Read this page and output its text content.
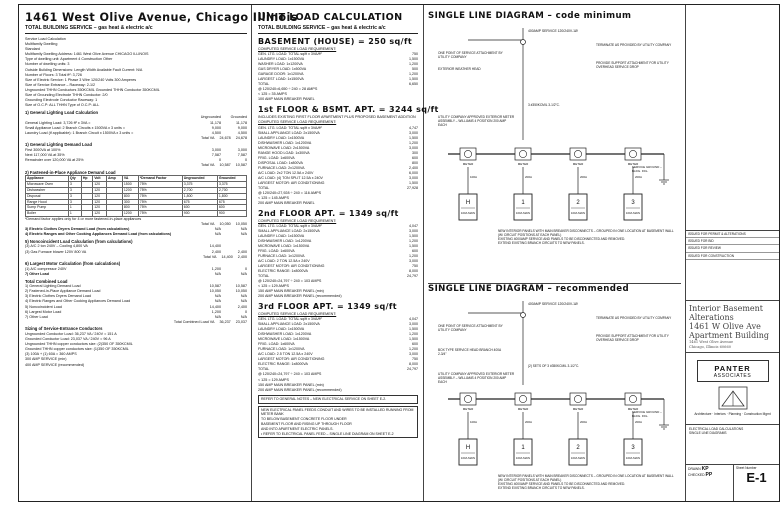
1461 West Olive Avenue, Chicago Illinois
TOTAL BUILDING SERVICE – gas heat & electric a/c
Service Load Calculation
Multifamily Dwelling
Standard
Multifamily Dwelling Address: 1461 West Olive Avenue CHICAGO ILLINOIS
Type of dwelling unit: Apartment 4 Construction Other
Number of dwelling units: 3
Outside Building Dimensions: Length Width Available Fault Current: N/A
Number of Floors: 3 Total ft²: 3,726
Size of Electric Service: 1 Phase 3 Wire 120/240 Volts 300 Amperes
Size of Service Entrance – Raceway: 2-1/2
Ungrounded THHN Conductors 350KCMIL Grounded THHN Conductor 350KCMIL
Size of Grounding Electrode THHN Conductor: 2/0
Grounding Electrode Conductor Raceway: 1
Size of O.C.P: ALL THHN Type of O.C.P: ALL
1) General Lighting Load Calculation
Ungrounded	Grounded
General Lighting Load: 3,726 ft² x 3VA =	11,178	11,178
Small Appliance Load: 2 Branch Circuits x 1500VA x 3 units =	9,000	9,000
Laundry Load (if applicable): 1 Branch Circuit x 1500VA x 3 units =	4,500	4,500
Total VA 24,678 24,678
1) General Lighting Demand Load
First 3000VA at 100%	3,000	3,000
Next 117,000 VA at 35%	7,587	7,587
Remainder over 120,000 VA at 25%	0	0
Total VA 10,587 10,587
2) Fastened-in-Place Appliance Demand Load
Appliance	Qty	Hp	Volt	Amp	VA	*Demand Factor	Ungrounded	Grounded
Microwave Oven	3		120		1500	75%	3,375	3,375
Dishwasher	3		120		1200	75%	2,700	2,700
Disposal	3		120		800	75%	1,800	1,800
Range Hood	3		120		300	75%	675	675
Sump Pump	1		120		800	75%	600	600
Boiler	1		120		1200	75%	900	900
*Demand factor applies only for 4 or more fastened-in-place appliances
Total VA 10,050 10,050
3) Electric Clothes Dryers Demand Load (from calculations)	N/A	N/A
4) Electric Ranges and Other Cooking Appliances Demand Load (from calculations)	N/A	N/A
5) Noncoincident Load Calculation (from calculations)
(3) A/C 2 ton 240V – Cooling 4,800 VA	14,400
(3) Gas Furnace blower 120V 800 VA	2,400	2,400
Total VA 14,400 2,400
6) Largest Motor Calculation (from calculations)
(1) A/C compressor 240V	1,200	0
7) Other Load	N/A	N/A
Total Combined Load
1) General Lighting Demand Load	10,587	10,587
2) Fastened-in-Place Appliance Demand Load	10,050	10,050
3) Electric Clothes Dryers Demand Load	N/A	N/A
4) Electric Ranges and Other Cooking Appliances Demand Load	N/A	N/A
5) Noncoincident Load	14,400	2,400
6) Largest Motor Load	1,200	0
7) Other Load	N/A	N/A
Total Combined Load VA 36,237 23,037
Sizing of Service-Entrance Conductors
Ungrounded Conductor Load: 36,237 VA / 240V = 151 A
Grounded Conductor Load: 23,037 VA / 240V = 96 A
Ungrounded THHN copper conductors size: (2)350 OF 350KCMIL
Grounded THHN copper conductors size: (1)350 OF 350KCMIL
(3) 100A + (1) 60A = 360 AMPS
300 AMP SERVICE (min)
400 AMP SERVICE (recommended)
UNIT LOAD CALCULATION
TOTAL BUILDING SERVICE – gas heat & electric a/c
BASEMENT (HOUSE) = 250 sq/ft
COMPUTED SERVICE LOAD REQUIREMENT:
GEN. LTG. LOAD: TOTAL sq/ft x 3VA/ft²	750
LAUNDRY LOAD: 1x1500VA	1,500
WASHER LOAD: 1x1200VA	1,200
GAS DRYER LOAD: 1x500VA	500
GARAGE DOOR: 1x1200VA	1,200
LARGEST LOAD: 1x1500VA	1,500
TOTAL	6,650
@ 120/240=6,650 ÷ 240 = 28 AMPS
< 125 = 35 AMPS
100 AMP MAIN BREAKER PANEL
1st FLOOR & BSMT. APT. = 3244 sq/ft
INCLUDES EXISTING FIRST FLOOR APARTMENT PLUS PROPOSED BASEMENT ADDITION
COMPUTED SERVICE LOAD REQUIREMENT:
GEN. LTG. LOAD: TOTAL sq/ft x 3VA/ft²	4,747
SMALL APPLIANCE LOAD: 2x1500VA	3,000
LAUNDRY LOAD: 1x1500VA	1,500
DISHWASHER LOAD: 1x1200VA	1,200
MICROWAVE LOAD: 2x1500VA	3,000
RANGE HOOD LOAD: 1x300VA	300
FRIG. LOAD: 1x600VA	600
DISPOSAL LOAD: 1x800VA	800
FURNACE LOAD: 2x1200VA	2,400
A/C LOAD: 2x2 TON 12.5A x 240V	6,000
A/C LOAD: (4) TON SPLIT 12.5A x 240V	3,000
LARGEST MOTOR: AIR CONDITIONING	1,500
TOTAL	27,928
@ 120/240=27,928 ÷ 240 = 116 AMPS
< 125 = 145 AMPS
200 AMP MAIN BREAKER PANEL
2nd FLOOR APT. = 1349 sq/ft
COMPUTED SERVICE LOAD REQUIREMENT:
GEN. LTG. LOAD: TOTAL sq/ft x 3VA/ft²	4,047
SMALL APPLIANCE LOAD: 2x1500VA	3,000
LAUNDRY LOAD: 1x1500VA	1,500
DISHWASHER LOAD: 1x1200VA	1,200
MICROWAVE LOAD: 1x1500VA	1,500
FRIG. LOAD: 1x600VA	600
FURNACE LOAD: 1x1200VA	1,200
A/C LOAD: 2 TON 12.5A x 240V	3,000
LARGEST MOTOR: AIR CONDITIONING	750
ELECTRIC RANGE: 1x8000VA	8,000
TOTAL	24,797
@ 120/240=24,797 ÷ 240 = 103 AMPS
< 125 = 129 AMPS
150 AMP MAIN BREAKER PANEL (min)
200 AMP MAIN BREAKER PANEL (recommended)
3rd FLOOR APT. = 1349 sq/ft
COMPUTED SERVICE LOAD REQUIREMENT:
GEN. LTG. LOAD: TOTAL sq/ft x 3VA/ft²	4,047
SMALL APPLIANCE LOAD: 2x1500VA	3,000
LAUNDRY LOAD: 1x1500VA	1,500
DISHWASHER LOAD: 1x1200VA	1,200
MICROWAVE LOAD: 1x1500VA	1,500
FRIG. LOAD: 1x600VA	600
FURNACE LOAD: 1x1200VA	1,200
A/C LOAD: 2.5 TON 12.5A x 240V	3,000
LARGEST MOTOR: AIR CONDITIONING	750
ELECTRIC RANGE: 1x8000VA	8,000
TOTAL	24,797
@ 120/240=24,797 ÷ 240 = 103 AMPS
< 125 = 129 AMPS
150 AMP MAIN BREAKER PANEL (min)
200 AMP MAIN BREAKER PANEL (recommended)
REFER TO GENERAL NOTES – NEW ELECTRICAL SERVICE ON SHEET E-2.
NEW ELECTRICAL PANEL FEEDS CONDUIT AND WIRES TO BE INSTALLED RUNNING FROM METER BANK
TO BELOW BASEMENT CONCRETE FLOOR UNDER
BASEMENT FLOOR AND RISING UP THROUGH FLOOR
AND INTO APARTMENT ELECTRIC PANELS.
• REFER TO ELECTRICAL PANEL FEED – SINGLE LINE DIAGRAM ON SHEET E-2
SINGLE LINE DIAGRAM – code minimum
400AMP SERVICE 120/240V-1Ø
ONE POINT OF SERVICE ATTACHMENT BY
UTILITY COMPANY
EXTERIOR WEATHER HEAD
TERMINATE AS PROVIDED BY UTILITY COMPANY
PROVIDE SUPPORT ATTACHMENT FOR UTILITY
OVERHEAD SERVICE DROP
3 #350KCMIL 3-1/2"C.
UTILITY COMPANY APPROVED EXTERIOR METER
ASSEMBLY – WILLIAMS 4 POSITION 200 AMP
EACH
METER
100A
H
100A MAIN
METER
200A
1
100A MAIN
METER
200A
2
100A MAIN
METER
200A
3
100A MAIN
SERVICE GROUND –
BLDG. FDL.
NEW INTERIOR PANELS WITH MAIN BREAKER DISCONNECTS – GROUPED IN ONE LOCATION AT BASEMENT WALL
(W/ CIRCUIT POSITIONS AT EACH PANEL)
EXISTING 4000AMP SERVICE AND PANELS TO BE DISCONNECTED AND REMOVED.
EXTEND EXISTING BRANCH CIRCUITS TO NEW PANELS.
SINGLE LINE DIAGRAM – recommended
400AMP SERVICE 120/240V-1Ø
ONE POINT OF SERVICE ATTACHMENT BY
UTILITY COMPANY
BOX TYPE SERVICE HEAD BRANCH 400A
2-3/4"
TERMINATE AS PROVIDED BY UTILITY COMPANY
PROVIDE SUPPORT ATTACHMENT FOR UTILITY
OVERHEAD SERVICE DROP
(2) SETS OF 3 #350KCMIL 3-1/2"C.
UTILITY COMPANY APPROVED EXTERIOR METER
ASSEMBLY – WILLIAMS 4 POSITION 200 AMP
EACH
METER
100A
H
100A MAIN
METER
200A
1
100A MAIN
METER
200A
2
100A MAIN
METER
200A
3
100A MAIN
SERVICE GROUND –
BLDG. FDL.
NEW INTERIOR PANELS WITH MAIN BREAKER DISCONNECTS – GROUPED IN ONE LOCATION AT BASEMENT WALL
(W/ CIRCUIT POSITIONS AT EACH PANEL)
EXISTING 4000AMP SERVICE AND PANELS TO BE DISCONNECTED AND REMOVED.
EXTEND EXISTING BRANCH CIRCUITS TO NEW PANELS.
ISSUED FOR PERMIT & ALTERATIONS
ISSUED FOR BID
ISSUED FOR REVIEW
ISSUED FOR CONSTRUCTION
Interior Basement Alterations
1461 W Olive Ave
Apartment Building
1461 West Olive Avenue
Chicago, Illinois 60660
PANTER
ASSOCIATES
Architecture · Interiors · Planning · Construction Mgmt
ELECTRICAL LOAD CALCULATIONS
SINGLE LINE DIAGRAMS
DRAWN KP
CHECKED PP
Sheet Number
E-1
